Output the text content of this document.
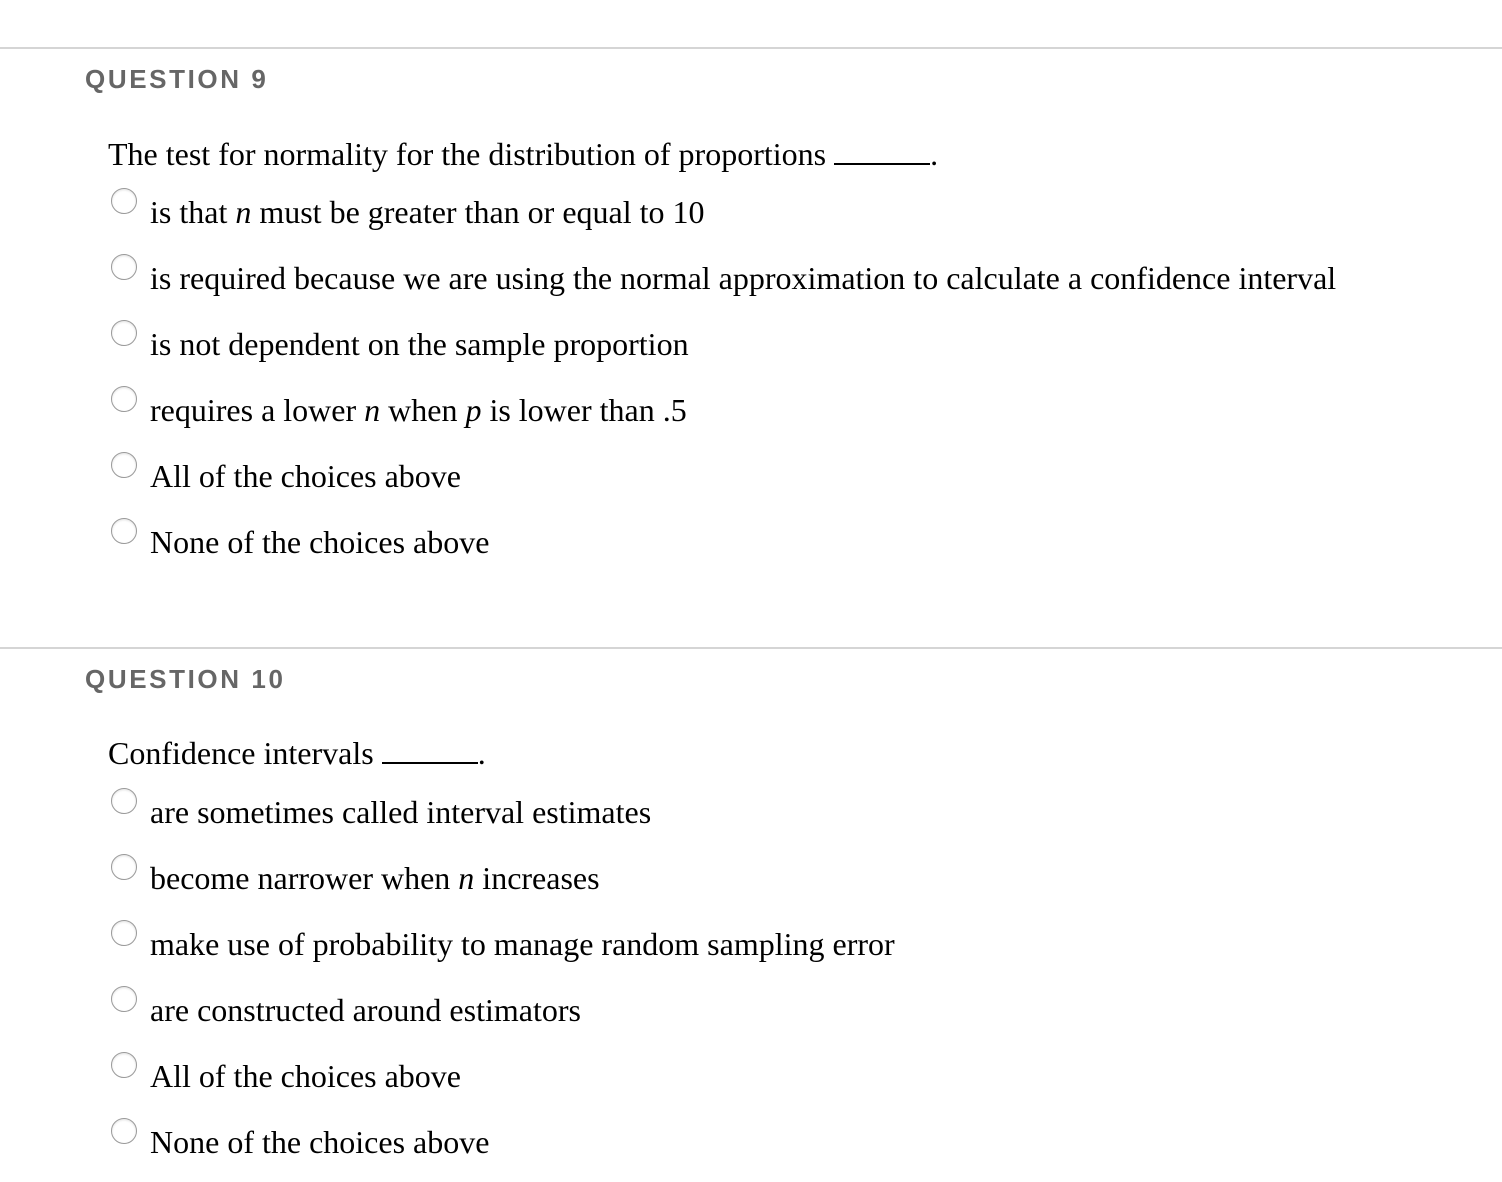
QUESTION 9
The test for normality for the distribution of proportions	.
is that n must be greater than or equal to 10
is required because we are using the normal approximation to calculate a confidence interval
is not dependent on the sample proportion
requires a lower n when p is lower than .5
All of the choices above
None of the choices above
QUESTION 10
Confidence intervals	.
are sometimes called interval estimates
become narrower when n increases
make use of probability to manage random sampling error
are constructed around estimators
All of the choices above
None of the choices above
